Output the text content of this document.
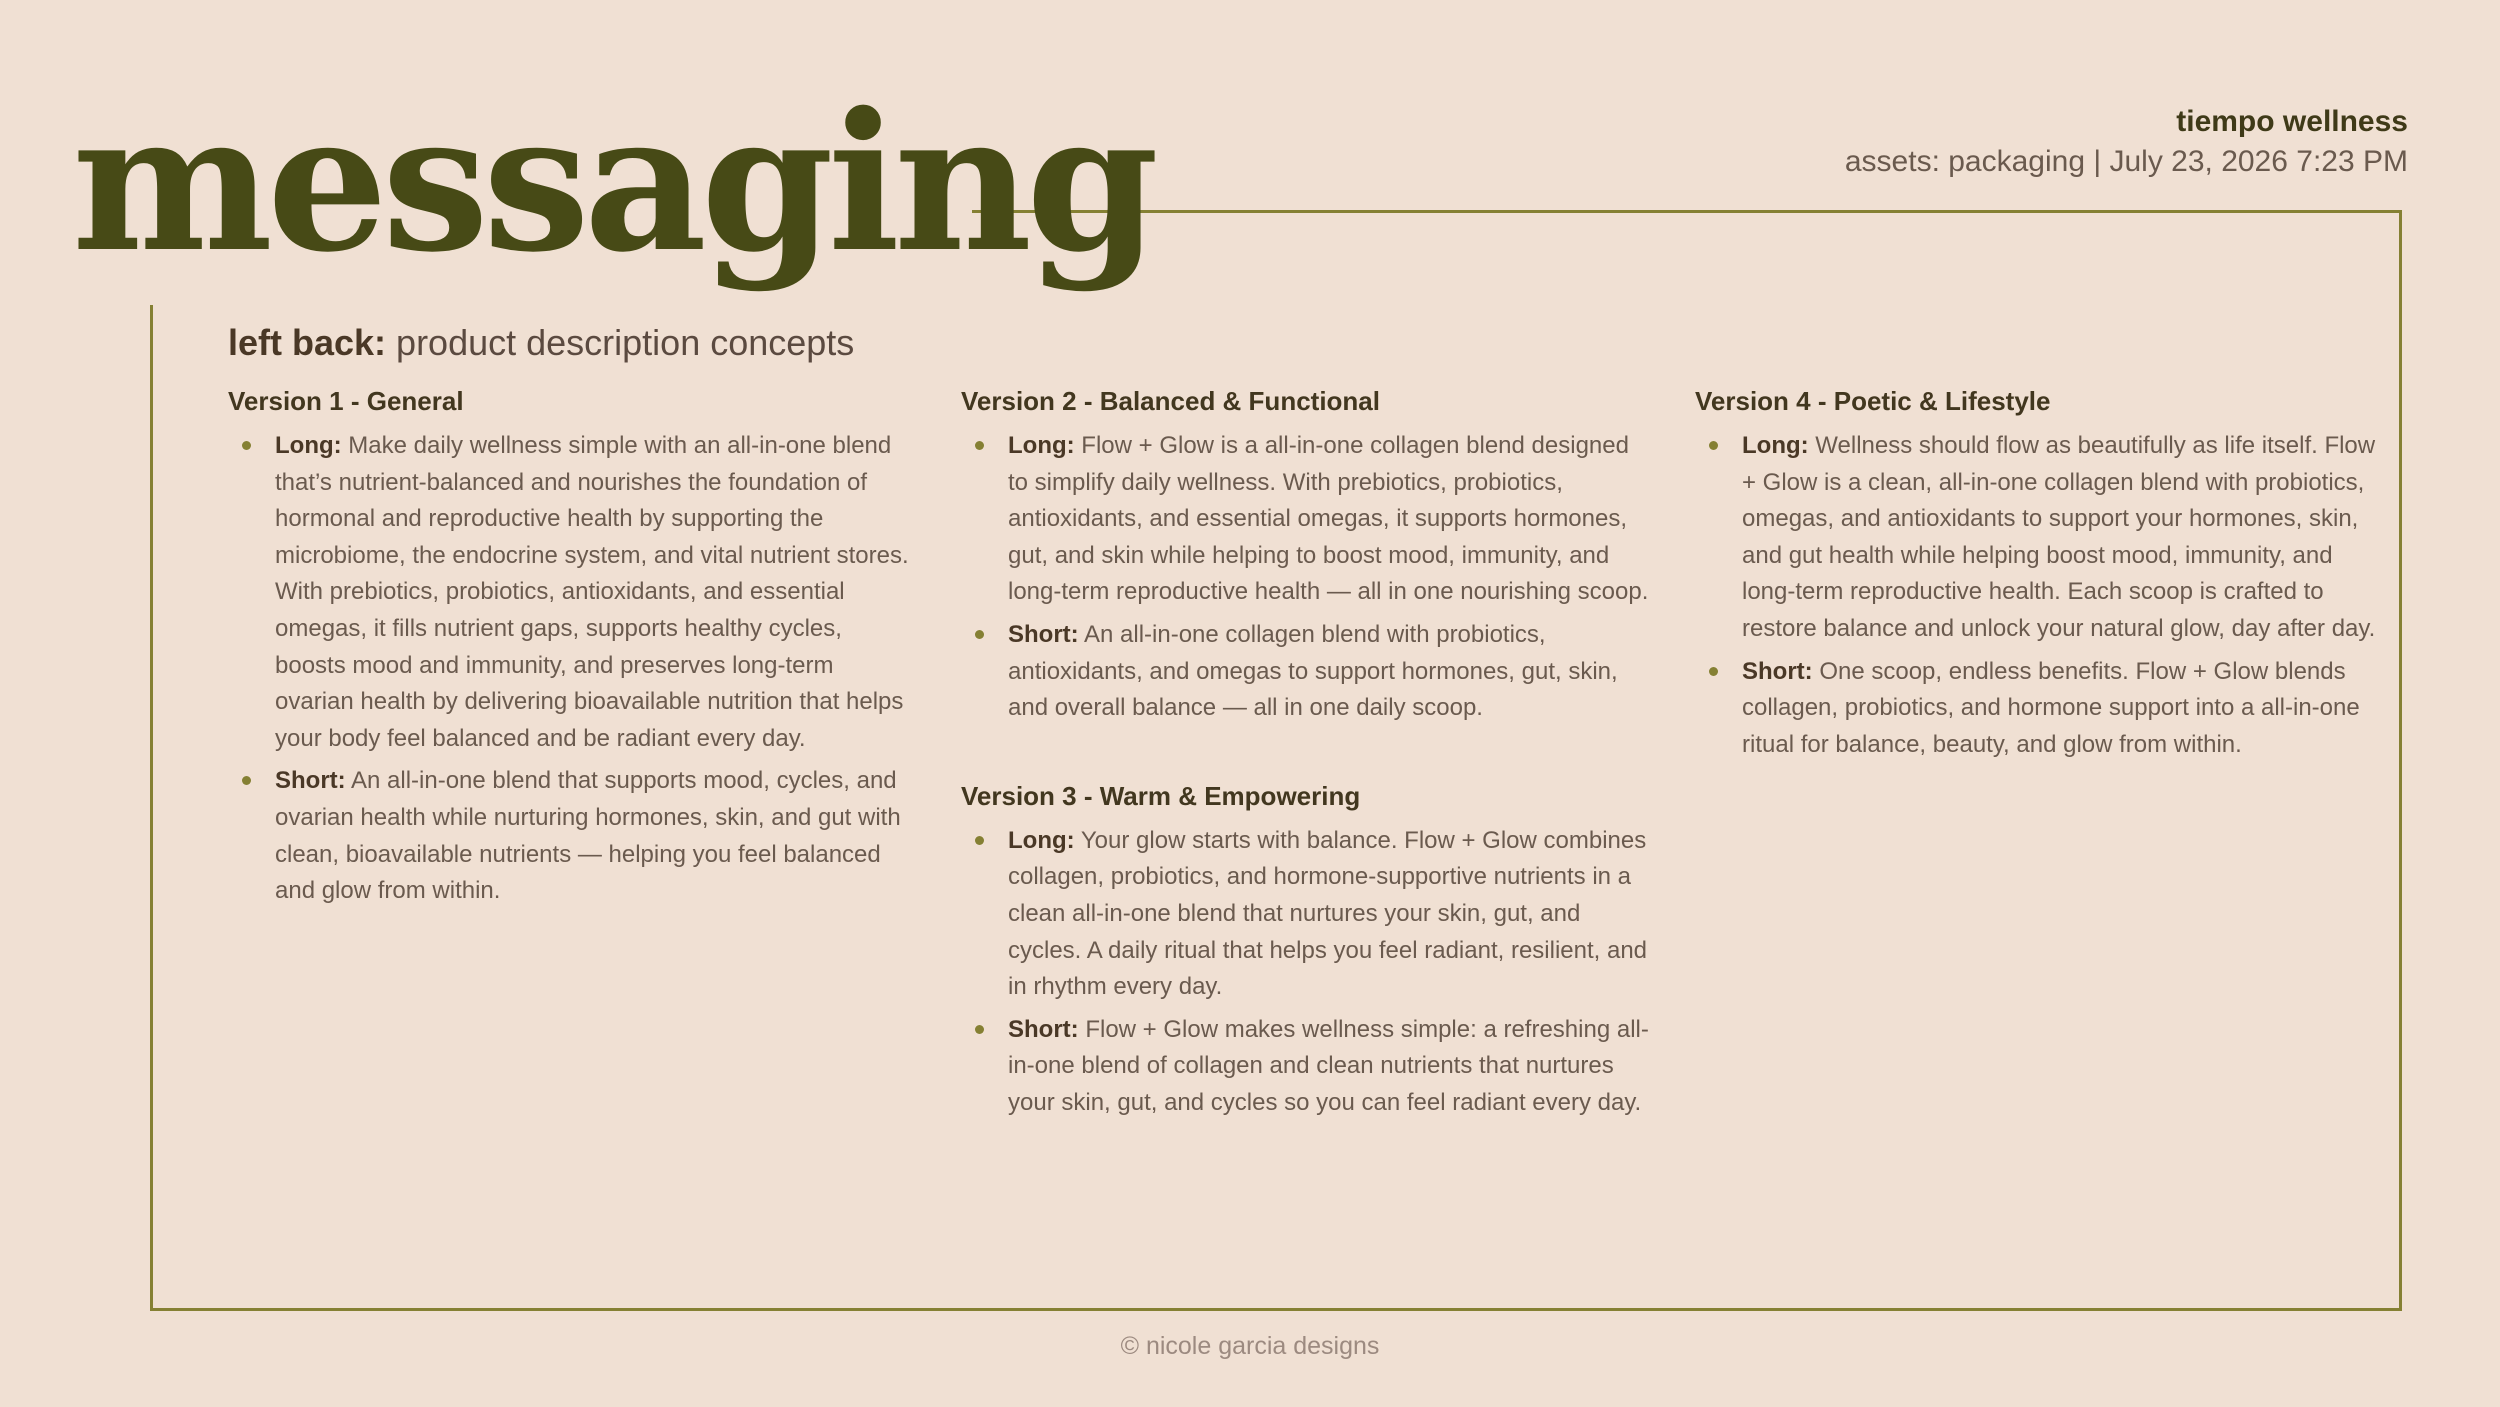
messaging	tiempo wellness
assets: packaging | July 23, 2026 7:23 PM
left back: product description concepts
Version 1 - General
Long: Make daily wellness simple with an all-in-one blend that’s nutrient-balanced and nourishes the foundation of hormonal and reproductive health by supporting the microbiome, the endocrine system, and vital nutrient stores. With prebiotics, probiotics, antioxidants, and essential omegas, it fills nutrient gaps, supports healthy cycles, boosts mood and immunity, and preserves long-term ovarian health by delivering bioavailable nutrition that helps your body feel balanced and be radiant every day.
Short: An all-in-one blend that supports mood, cycles, and ovarian health while nurturing hormones, skin, and gut with clean, bioavailable nutrients — helping you feel balanced and glow from within.
Version 2 - Balanced & Functional
Long: Flow + Glow is a all-in-one collagen blend designed to simplify daily wellness. With prebiotics, probiotics, antioxidants, and essential omegas, it supports hormones, gut, and skin while helping to boost mood, immunity, and long-term reproductive health — all in one nourishing scoop.
Short: An all-in-one collagen blend with probiotics, antioxidants, and omegas to support hormones, gut, skin, and overall balance — all in one daily scoop.
Version 3 - Warm & Empowering
Long: Your glow starts with balance. Flow + Glow combines collagen, probiotics, and hormone-supportive nutrients in a clean all-in-one blend that nurtures your skin, gut, and cycles. A daily ritual that helps you feel radiant, resilient, and in rhythm every day.
Short: Flow + Glow makes wellness simple: a refreshing all-in-one blend of collagen and clean nutrients that nurtures your skin, gut, and cycles so you can feel radiant every day.
Version 4 - Poetic & Lifestyle
Long: Wellness should flow as beautifully as life itself. Flow + Glow is a clean, all-in-one collagen blend with probiotics, omegas, and antioxidants to support your hormones, skin, and gut health while helping boost mood, immunity, and long-term reproductive health. Each scoop is crafted to restore balance and unlock your natural glow, day after day.
Short: One scoop, endless benefits. Flow + Glow blends collagen, probiotics, and hormone support into a all-in-one ritual for balance, beauty, and glow from within.
© nicole garcia designs
